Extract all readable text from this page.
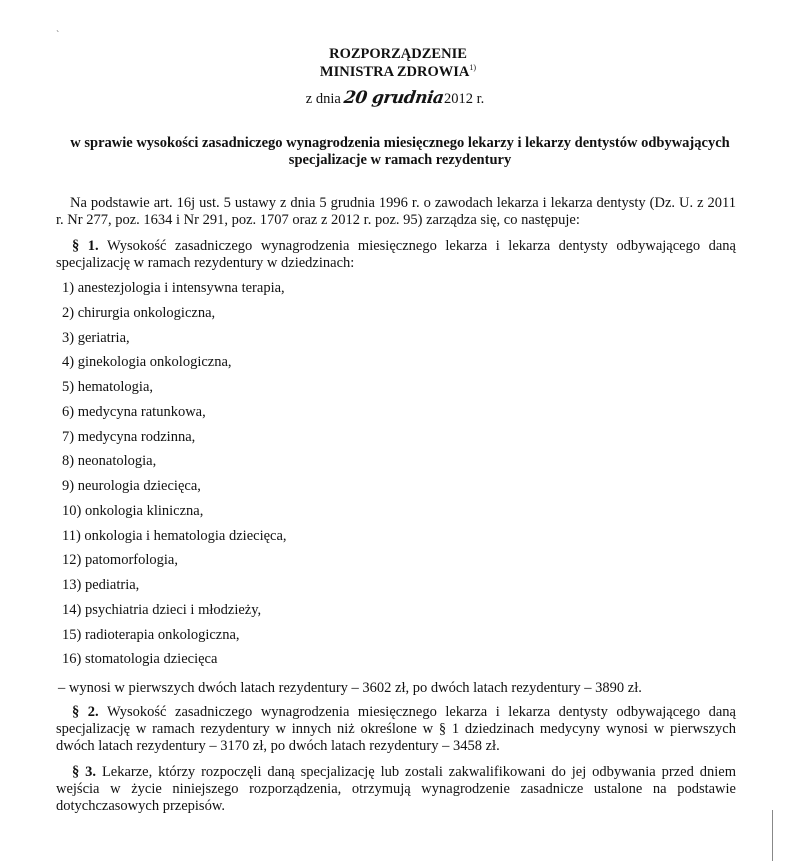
ˋ
ROZPORZĄDZENIE
MINISTRA ZDROWIA$^{1)}$
z dnia 20 grudnia2012 r.
w sprawie wysokości zasadniczego wynagrodzenia miesięcznego lekarzy i lekarzy dentystów odbywających specjalizacje w ramach rezydentury
Na podstawie art. 16j ust. 5 ustawy z dnia 5 grudnia 1996 r. o zawodach lekarza i lekarza dentysty (Dz. U. z 2011 r. Nr 277, poz. 1634 i Nr 291, poz. 1707 oraz z 2012 r. poz. 95) zarządza się, co następuje:
§ 1. Wysokość zasadniczego wynagrodzenia miesięcznego lekarza i lekarza dentysty odbywającego daną specjalizację w ramach rezydentury w dziedzinach:
1) anestezjologia i intensywna terapia,
2) chirurgia onkologiczna,
3) geriatria,
4) ginekologia onkologiczna,
5) hematologia,
6) medycyna ratunkowa,
7) medycyna rodzinna,
8) neonatologia,
9) neurologia dziecięca,
10) onkologia kliniczna,
11) onkologia i hematologia dziecięca,
12) patomorfologia,
13) pediatria,
14) psychiatria dzieci i młodzieży,
15) radioterapia onkologiczna,
16) stomatologia dziecięca
– wynosi w pierwszych dwóch latach rezydentury – 3602 zł, po dwóch latach rezydentury – 3890 zł.
§ 2. Wysokość zasadniczego wynagrodzenia miesięcznego lekarza i lekarza dentysty odbywającego daną specjalizację w ramach rezydentury w innych niż określone w § 1 dziedzinach medycyny wynosi w pierwszych dwóch latach rezydentury – 3170 zł, po dwóch latach rezydentury – 3458 zł.
§ 3. Lekarze, którzy rozpoczęli daną specjalizację lub zostali zakwalifikowani do jej odbywania przed dniem wejścia w życie niniejszego rozporządzenia, otrzymują wynagrodzenie zasadnicze ustalone na podstawie dotychczasowych przepisów.
